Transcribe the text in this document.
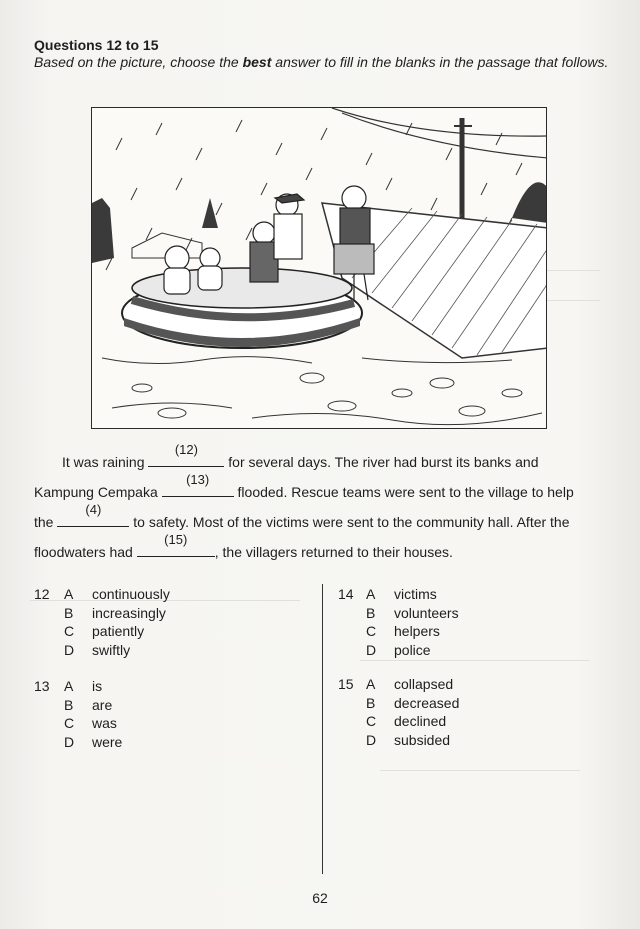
Questions 12 to 15
Based on the picture, choose the best answer to fill in the blanks in the passage that follows.
It was raining
(12)
for several days. The river had burst its banks and
Kampung Cempaka
(13)
flooded. Rescue teams were sent to the village to help
the
(4)
to safety. Most of the victims were sent to the community hall. After the
floodwaters had
(15)
, the villagers returned to their houses.
12	A	continuously
B	increasingly
C	patiently
D	swiftly
13	A	is
B	are
C	was
D	were
14 A	victims
B	volunteers
C	helpers
D	police
15 A	collapsed
B	decreased
C	declined
D	subsided
62
